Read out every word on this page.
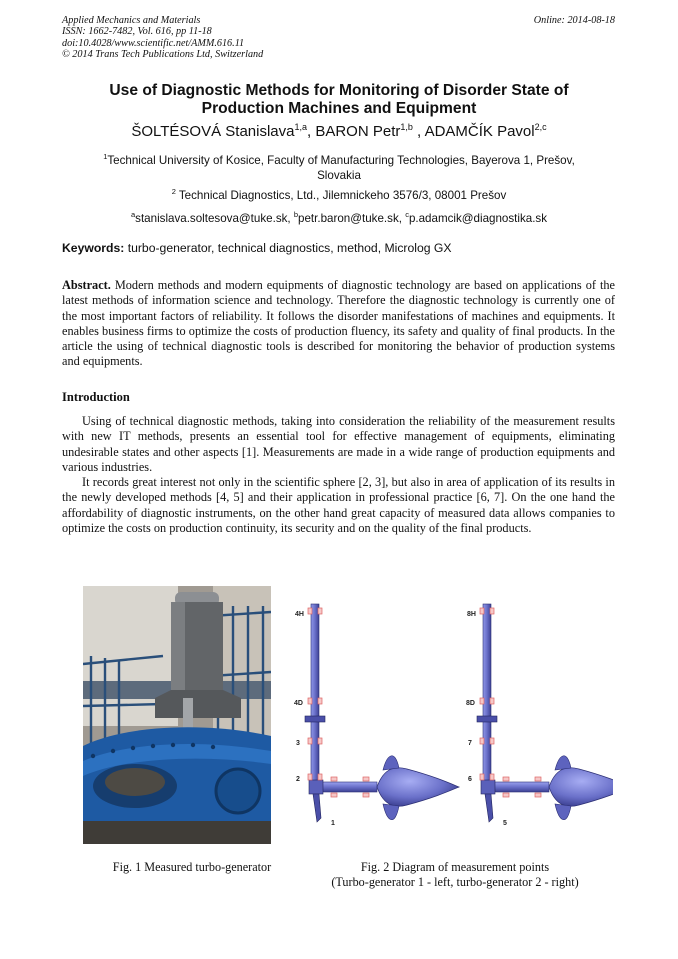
Applied Mechanics and Materials
ISSN: 1662-7482, Vol. 616, pp 11-18
doi:10.4028/www.scientific.net/AMM.616.11
© 2014 Trans Tech Publications Ltd, Switzerland
Online: 2014-08-18
Use of Diagnostic Methods for Monitoring of Disorder State of
Production Machines and Equipment
ŠOLTÉSOVÁ Stanislava$^{1,a}$, BARON Petr$^{1,b}$ , ADAMČÍK Pavol$^{2,c}$
$^1$Technical University of Kosice, Faculty of Manufacturing Technologies, Bayerova 1, Prešov,
Slovakia
$^2$ Technical Diagnostics, Ltd., Jilemnickeho 3576/3, 08001 Prešov
$^a$stanislava.soltesova@tuke.sk, $^b$petr.baron@tuke.sk, $^c$p.adamcik@diagnostika.sk
Keywords: turbo-generator, technical diagnostics, method, Microlog GX
Abstract. Modern methods and modern equipments of diagnostic technology are based on applications of the latest methods of information science and technology. Therefore the diagnostic technology is currently one of the most important factors of reliability. It follows the disorder manifestations of machines and equipments. It enables business firms to optimize the costs of production fluency, its safety and quality of final products. In the article the using of technical diagnostic tools is described for monitoring the behavior of production systems and equipments.
Introduction
Using of technical diagnostic methods, taking into consideration the reliability of the measurement results with new IT methods, presents an essential tool for effective management of equipments, eliminating undesirable states and other aspects [1]. Measurements are made in a wide range of production equipments and various industries.
It records great interest not only in the scientific sphere [2, 3], but also in area of application of its results in the newly developed methods [4, 5] and their application in professional practice [6, 7]. On the one hand the affordability of diagnostic instruments, on the other hand great capacity of measured data allows companies to optimize the costs on production continuity, its security and on the quality of the final products.
4H
4D
3
2
1
8H
8D
7
6
5
Fig. 1 Measured turbo-generator	Fig. 2 Diagram of measurement points
(Turbo-generator 1 - left, turbo-generator 2 - right)
